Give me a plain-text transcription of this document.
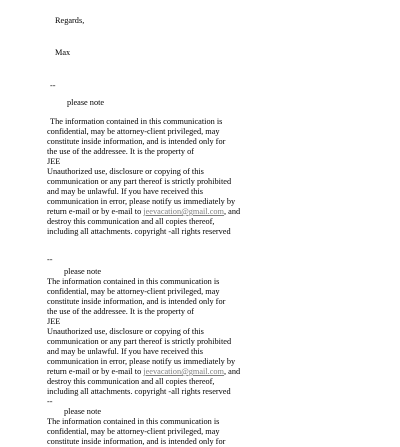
Regards,
Max
--
please note
The information contained in this communication is
confidential, may be attorney-client privileged, may
constitute inside information, and is intended only for
the use of the addressee. It is the property of
JEE
Unauthorized use, disclosure or copying of this
communication or any part thereof is strictly prohibited
and may be unlawful. If you have received this
communication in error, please notify us immediately by
return e-mail or by e-mail to jeevacation@gmail.com, and
destroy this communication and all copies thereof,
including all attachments. copyright -all rights reserved
--
please note
The information contained in this communication is
confidential, may be attorney-client privileged, may
constitute inside information, and is intended only for
the use of the addressee. It is the property of
JEE
Unauthorized use, disclosure or copying of this
communication or any part thereof is strictly prohibited
and may be unlawful. If you have received this
communication in error, please notify us immediately by
return e-mail or by e-mail to jeevacation@gmail.com, and
destroy this communication and all copies thereof,
including all attachments. copyright -all rights reserved
--
please note
The information contained in this communication is
confidential, may be attorney-client privileged, may
constitute inside information, and is intended only for
